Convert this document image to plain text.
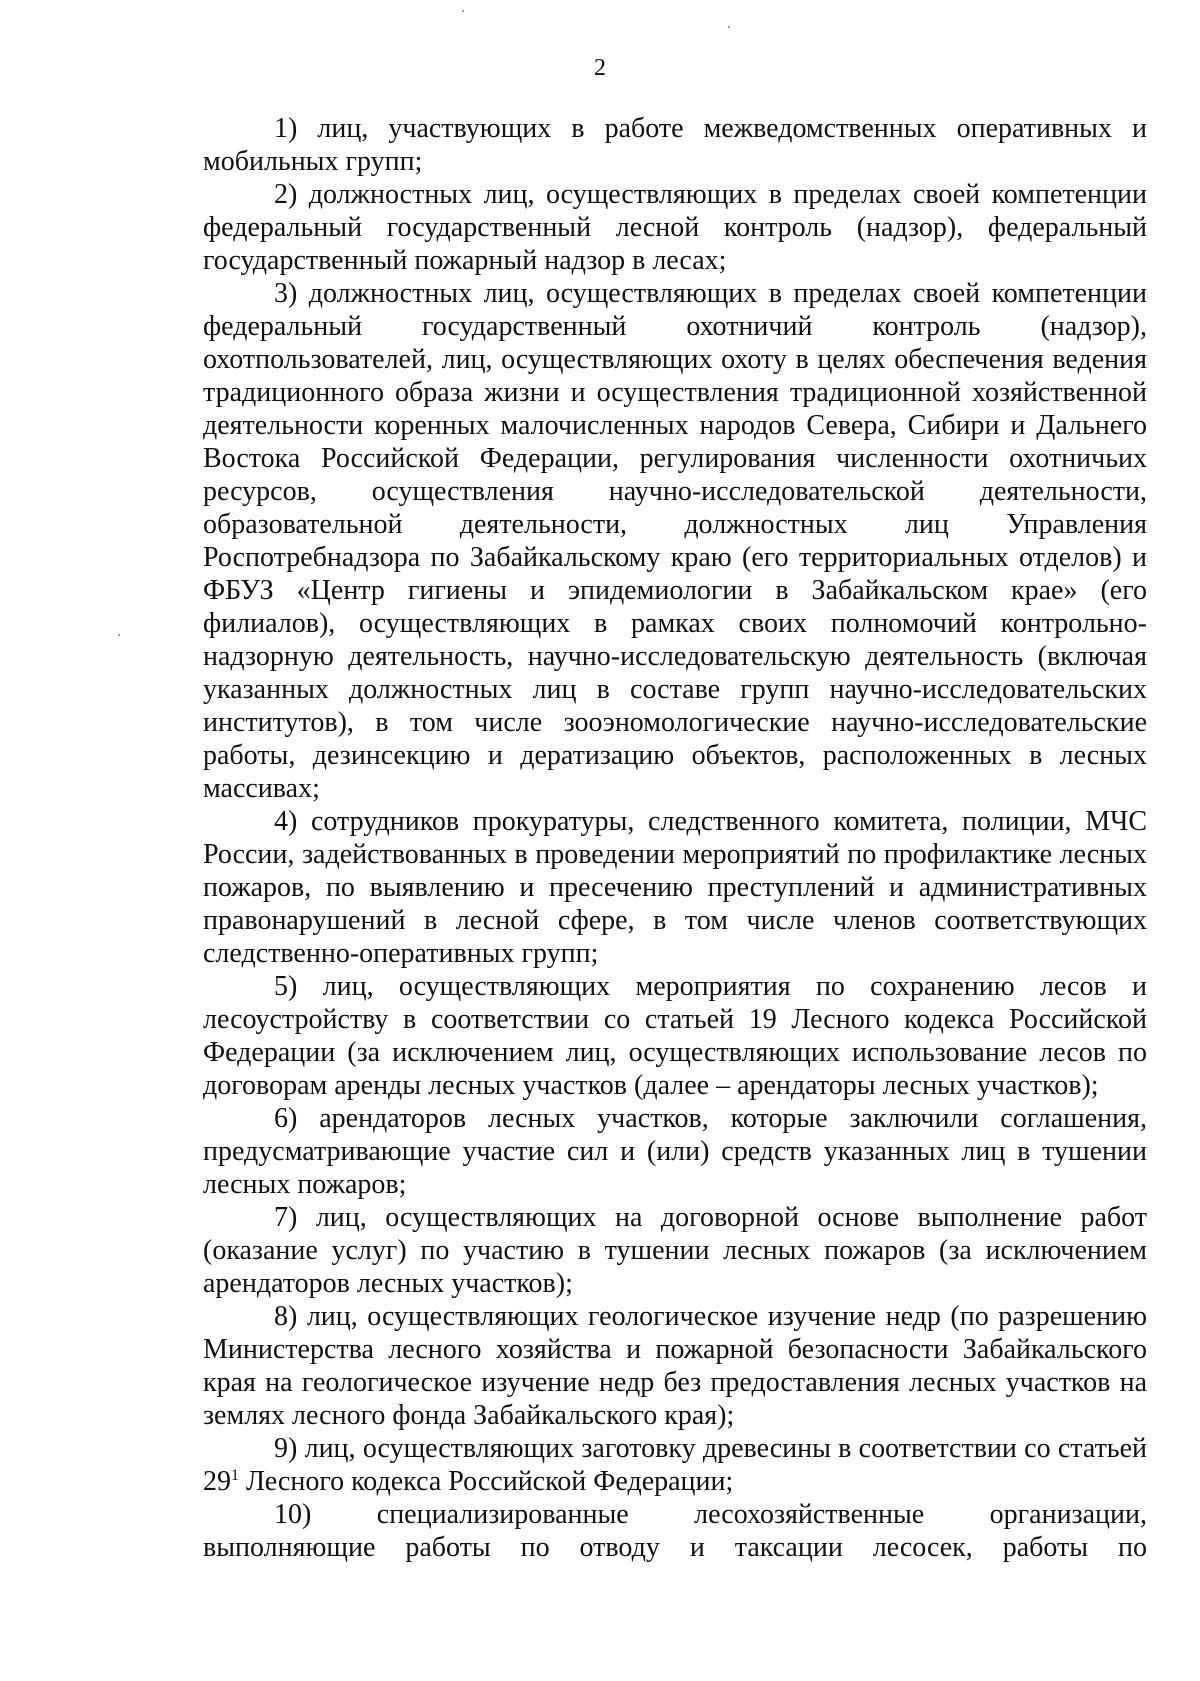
2

1) лиц, участвующих в работе межведомственных оперативных и мобильных групп;

2) должностных лиц, осуществляющих в пределах своей компетенции федеральный государственный лесной контроль (надзор), федеральный государственный пожарный надзор в лесах;

3) должностных лиц, осуществляющих в пределах своей компетенции федеральный государственный охотничий контроль (надзор), охотпользователей, лиц, осуществляющих охоту в целях обеспечения ведения традиционного образа жизни и осуществления традиционной хозяйственной деятельности коренных малочисленных народов Севера, Сибири и Дальнего Востока Российской Федерации, регулирования численности охотничьих ресурсов, осуществления научно-исследовательской деятельности, образовательной деятельности, должностных лиц Управления Роспотребнадзора по Забайкальскому краю (его территориальных отделов) и ФБУЗ «Центр гигиены и эпидемиологии в Забайкальском крае» (его филиалов), осуществляющих в рамках своих полномочий контрольно-надзорную деятельность, научно-исследовательскую деятельность (включая указанных должностных лиц в составе групп научно-исследовательских институтов), в том числе зооэномологические научно-исследовательские работы, дезинсекцию и дератизацию объектов, расположенных в лесных массивах;

4) сотрудников прокуратуры, следственного комитета, полиции, МЧС России, задействованных в проведении мероприятий по профилактике лесных пожаров, по выявлению и пресечению преступлений и административных правонарушений в лесной сфере, в том числе членов соответствующих следственно-оперативных групп;

5) лиц, осуществляющих мероприятия по сохранению лесов и лесоустройству в соответствии со статьей 19 Лесного кодекса Российской Федерации (за исключением лиц, осуществляющих использование лесов по договорам аренды лесных участков (далее – арендаторы лесных участков);

6) арендаторов лесных участков, которые заключили соглашения, предусматривающие участие сил и (или) средств указанных лиц в тушении лесных пожаров;

7) лиц, осуществляющих на договорной основе выполнение работ (оказание услуг) по участию в тушении лесных пожаров (за исключением арендаторов лесных участков);

8) лиц, осуществляющих геологическое изучение недр (по разрешению Министерства лесного хозяйства и пожарной безопасности Забайкальского края на геологическое изучение недр без предоставления лесных участков на землях лесного фонда Забайкальского края);

9) лиц, осуществляющих заготовку древесины в соответствии со статьей $29^1$ Лесного кодекса Российской Федерации;

10) специализированные лесохозяйственные организации, выполняющие работы по отводу и таксации лесосек, работы по
